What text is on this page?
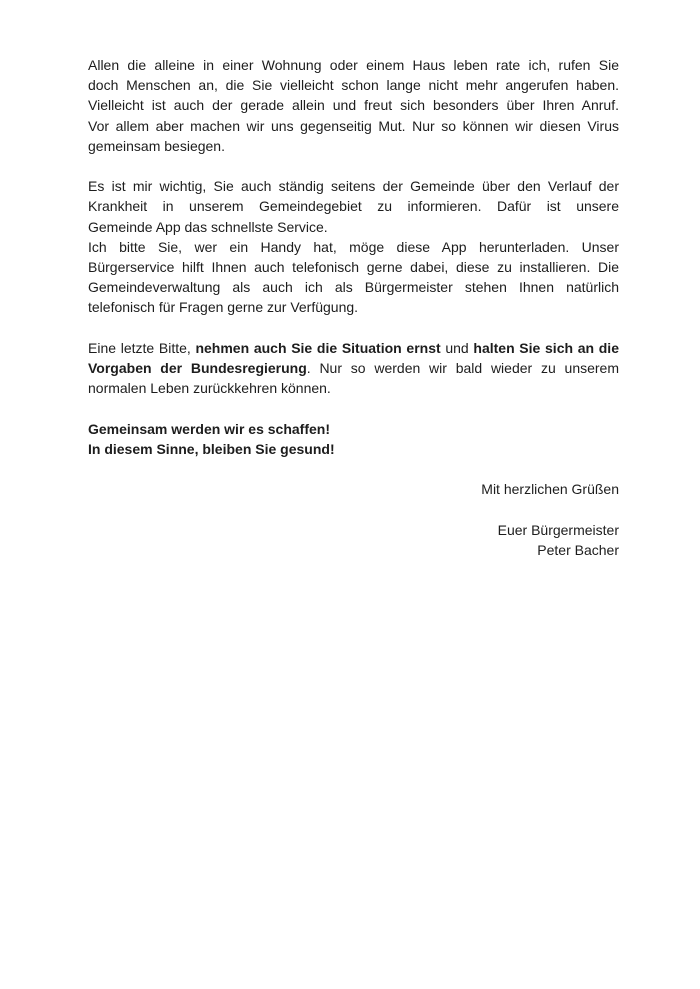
Allen die alleine in einer Wohnung oder einem Haus leben rate ich, rufen Sie
doch Menschen an, die Sie vielleicht schon lange nicht mehr angerufen haben.
Vielleicht ist auch der gerade allein und freut sich besonders über Ihren Anruf.
Vor allem aber machen wir uns gegenseitig Mut. Nur so können wir diesen Virus
gemeinsam besiegen.
Es ist mir wichtig, Sie auch ständig seitens der Gemeinde über den Verlauf der
Krankheit in unserem Gemeindegebiet zu informieren. Dafür ist unsere
Gemeinde App das schnellste Service.
Ich bitte Sie, wer ein Handy hat, möge diese App herunterladen. Unser
Bürgerservice hilft Ihnen auch telefonisch gerne dabei, diese zu installieren. Die
Gemeindeverwaltung als auch ich als Bürgermeister stehen Ihnen natürlich
telefonisch für Fragen gerne zur Verfügung.
Eine letzte Bitte, nehmen auch Sie die Situation ernst und halten Sie sich an die
Vorgaben der Bundesregierung. Nur so werden wir bald wieder zu unserem
normalen Leben zurückkehren können.
Gemeinsam werden wir es schaffen!
In diesem Sinne, bleiben Sie gesund!
Mit herzlichen Grüßen
Euer Bürgermeister
Peter Bacher
